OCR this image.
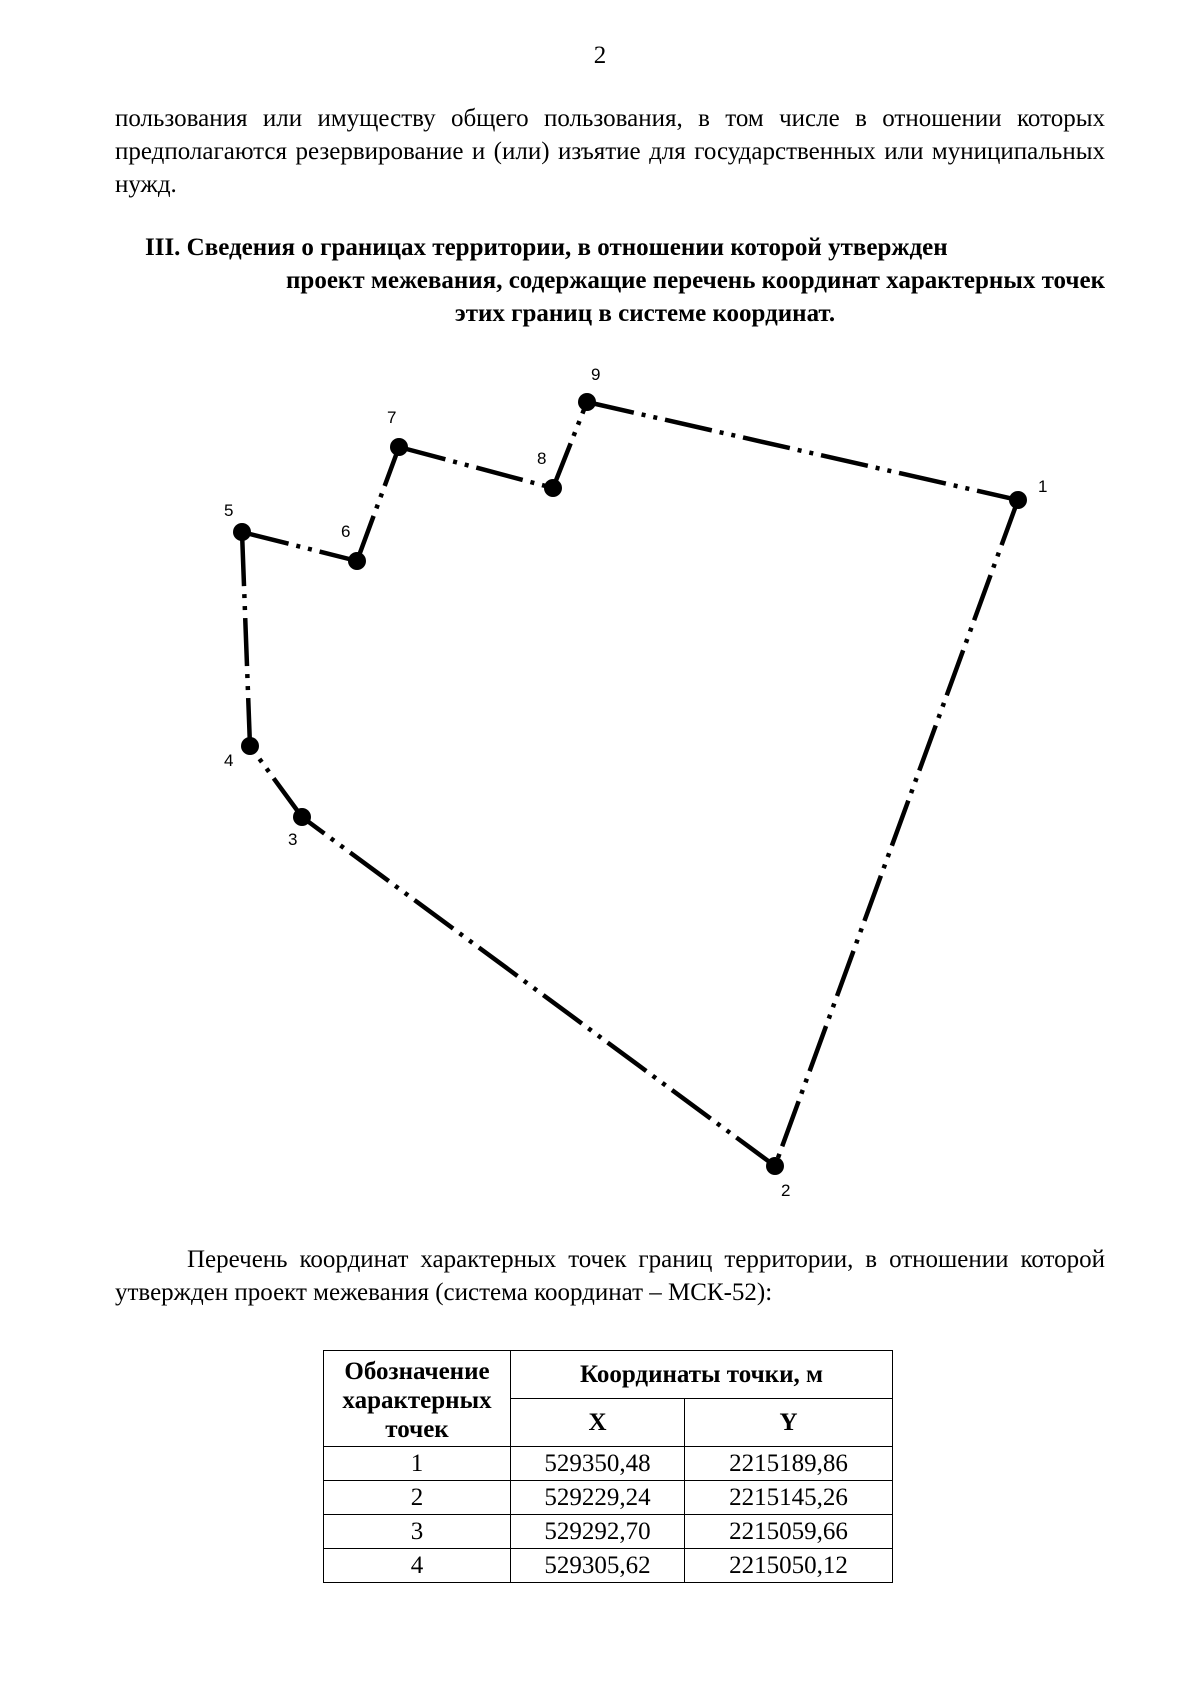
2

пользования или имуществу общего пользования, в том числе в отношении которых предполагаются резервирование и (или) изъятие для государственных или муниципальных нужд.

III. Сведения о границах территории, в отношении которой утвержден
проект межевания, содержащие перечень координат характерных точек
этих границ в системе координат.
1
2
3
4
5
6
7
8
9

Перечень координат характерных точек границ территории, в отношении которой утвержден проект межевания (система координат – МСК-52):

Обозначение характерных точек	Координаты точки, м	
	X	Y
1	529350,48	2215189,86
2	529229,24	2215145,26
3	529292,70	2215059,66
4	529305,62	2215050,12
